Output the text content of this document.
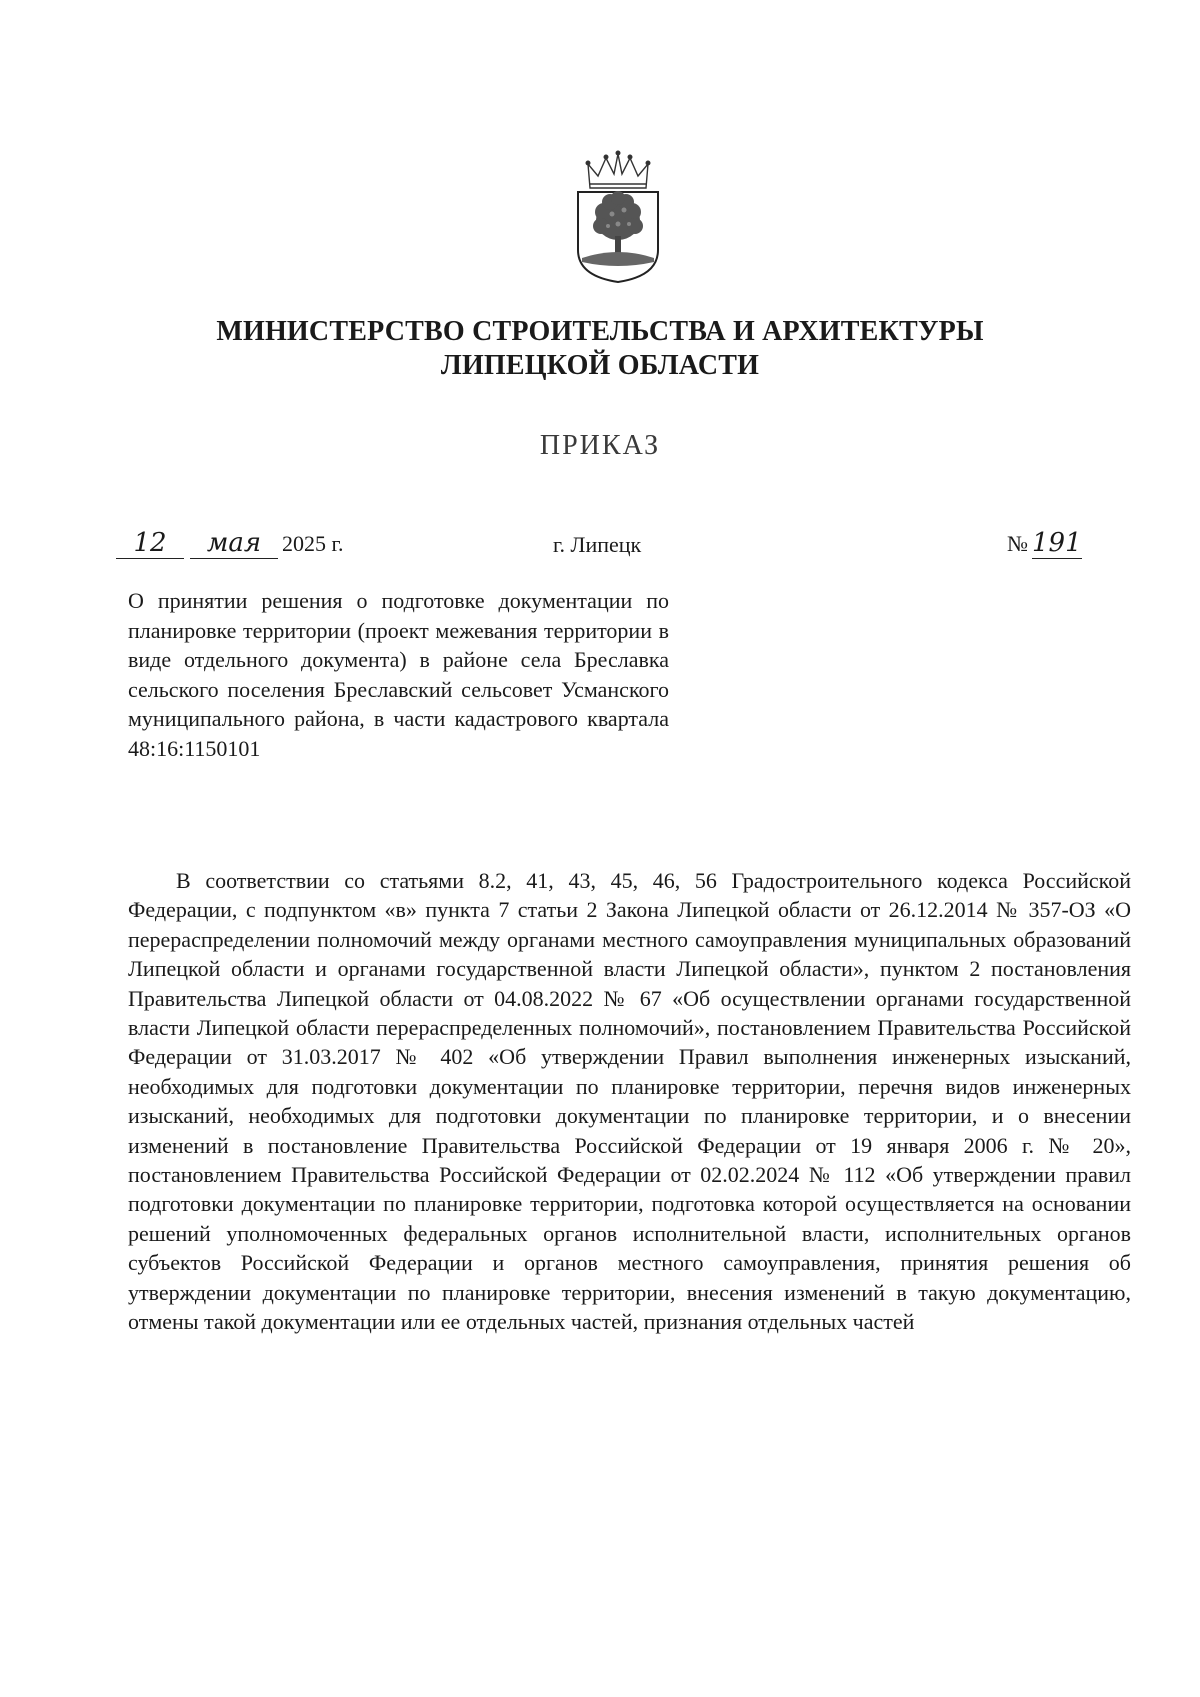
МИНИСТЕРСТВО СТРОИТЕЛЬСТВА И АРХИТЕКТУРЫ
ЛИПЕЦКОЙ ОБЛАСТИ
ПРИКАЗ
12 мая 2025 г.	г. Липецк	№ 191
О принятии решения о подготовке документации по планировке территории (проект межевания территории в виде отдельного документа) в районе села Бреславка сельского поселения Бреславский сельсовет Усманского муниципального района, в части кадастрового квартала 48:16:1150101
В соответствии со статьями 8.2, 41, 43, 45, 46, 56 Градостроительного кодекса Российской Федерации, с подпунктом «в» пункта 7 статьи 2 Закона Липецкой области от 26.12.2014 № 357-ОЗ «О перераспределении полномочий между органами местного самоуправления муниципальных образований Липецкой области и органами государственной власти Липецкой области», пунктом 2 постановления Правительства Липецкой области от 04.08.2022 № 67 «Об осуществлении органами государственной власти Липецкой области перераспределенных полномочий», постановлением Правительства Российской Федерации от 31.03.2017 № 402 «Об утверждении Правил выполнения инженерных изысканий, необходимых для подготовки документации по планировке территории, перечня видов инженерных изысканий, необходимых для подготовки документации по планировке территории, и о внесении изменений в постановление Правительства Российской Федерации от 19 января 2006 г. № 20», постановлением Правительства Российской Федерации от 02.02.2024 № 112 «Об утверждении правил подготовки документации по планировке территории, подготовка которой осуществляется на основании решений уполномоченных федеральных органов исполнительной власти, исполнительных органов субъектов Российской Федерации и органов местного самоуправления, принятия решения об утверждении документации по планировке территории, внесения изменений в такую документацию, отмены такой документации или ее отдельных частей, признания отдельных частей
